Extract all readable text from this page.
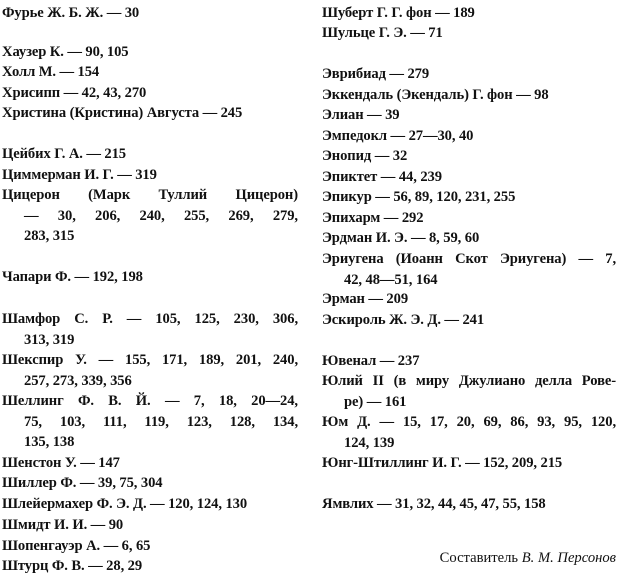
Фурье Ж. Б. Ж. — 30
Хаузер К. — 90, 105
Холл М. — 154
Хрисипп — 42, 43, 270
Христина (Кристина) Августа — 245
Цейбих Г. А. — 215
Циммерман И. Г. — 319
Цицерон (Марк Туллий Цицерон)
— 30, 206, 240, 255, 269, 279,
283, 315
Чапари Ф. — 192, 198
Шамфор С. Р. — 105, 125, 230, 306,
313, 319
Шекспир У. — 155, 171, 189, 201, 240,
257, 273, 339, 356
Шеллинг Ф. В. Й. — 7, 18, 20—24,
75, 103, 111, 119, 123, 128, 134,
135, 138
Шенстон У. — 147
Шиллер Ф. — 39, 75, 304
Шлейермахер Ф. Э. Д. — 120, 124, 130
Шмидт И. И. — 90
Шопенгауэр А. — 6, 65
Штурц Ф. В. — 28, 29
Шуберт Г. Г. фон — 189
Шульце Г. Э. — 71
Эврибиад — 279
Эккендаль (Экендаль) Г. фон — 98
Элиан — 39
Эмпедокл — 27—30, 40
Энопид — 32
Эпиктет — 44, 239
Эпикур — 56, 89, 120, 231, 255
Эпихарм — 292
Эрдман И. Э. — 8, 59, 60
Эриугена (Иоанн Скот Эриугена) — 7,
42, 48—51, 164
Эрман — 209
Эскироль Ж. Э. Д. — 241
Ювенал — 237
Юлий II (в миру Джулиано делла Рове-
ре) — 161
Юм Д. — 15, 17, 20, 69, 86, 93, 95, 120,
124, 139
Юнг-Штиллинг И. Г. — 152, 209, 215
Ямвлих — 31, 32, 44, 45, 47, 55, 158
Составитель В. М. Персонов
